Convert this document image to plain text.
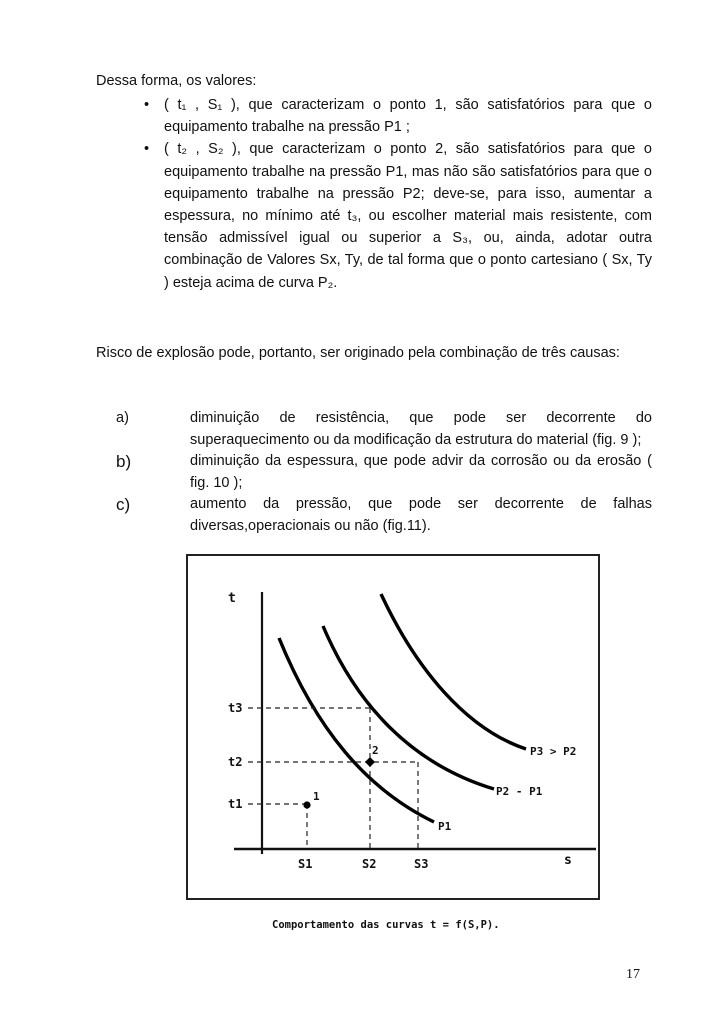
Dessa forma, os valores:
• ( t₁ , S₁ ), que caracterizam o ponto 1, são satisfatórios para que o equipamento trabalhe na pressão P1 ;
• ( t₂ , S₂ ), que caracterizam o ponto 2, são satisfatórios para que o equipamento trabalhe na pressão P1, mas não são satisfatórios para que o equipamento trabalhe na pressão P2; deve-se, para isso, aumentar a espessura, no mínimo até t₃, ou escolher material mais resistente, com tensão admissível igual ou superior a S₃, ou, ainda, adotar outra combinação de Valores Sx, Ty, de tal forma que o ponto cartesiano ( Sx, Ty ) esteja acima de curva P₂.
Risco de explosão pode, portanto, ser originado pela combinação de três causas:
a)	diminuição de resistência, que pode ser decorrente do superaquecimento ou da modificação da estrutura do material (fig. 9 );
b)	diminuição da espessura, que pode advir da corrosão ou da erosão ( fig. 10 );
c)	aumento da pressão, que pode ser decorrente de falhas diversas,operacionais ou não (fig.11).
t
s
t3
t2
t1
S1	S2	S3
1
2
P1
P2 - P1
P3 > P2
Comportamento das curvas t = f(S,P).
17
